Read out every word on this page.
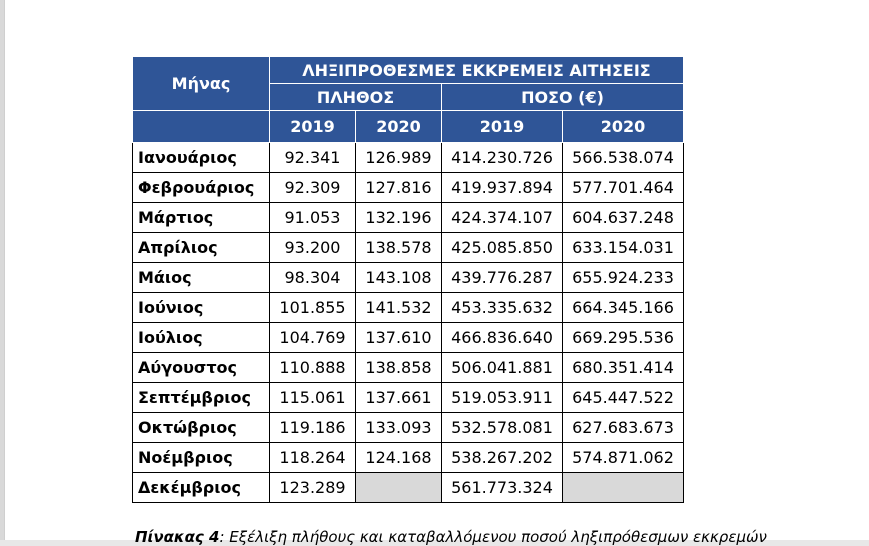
Μήνας	ΛΗΞΙΠΡΟΘΕΣΜΕΣ ΕΚΚΡΕΜΕΙΣ ΑΙΤΗΣΕΙΣ			
	ΠΛΗΘΟΣ		ΠΟΣΟ (€)	
	2019	2020	2019	2020
Ιανουάριος	92.341	126.989	414.230.726	566.538.074
Φεβρουάριος	92.309	127.816	419.937.894	577.701.464
Μάρτιος	91.053	132.196	424.374.107	604.637.248
Απρίλιος	93.200	138.578	425.085.850	633.154.031
Μάιος	98.304	143.108	439.776.287	655.924.233
Ιούνιος	101.855	141.532	453.335.632	664.345.166
Ιούλιος	104.769	137.610	466.836.640	669.295.536
Αύγουστος	110.888	138.858	506.041.881	680.351.414
Σεπτέμβριος	115.061	137.661	519.053.911	645.447.522
Οκτώβριος	119.186	133.093	532.578.081	627.683.673
Νοέμβριος	118.264	124.168	538.267.202	574.871.062
Δεκέμβριος	123.289		561.773.324	
Πίνακας 4: Εξέλιξη πλήθους και καταβαλλόμενου ποσού ληξιπρόθεσμων εκκρεμών
